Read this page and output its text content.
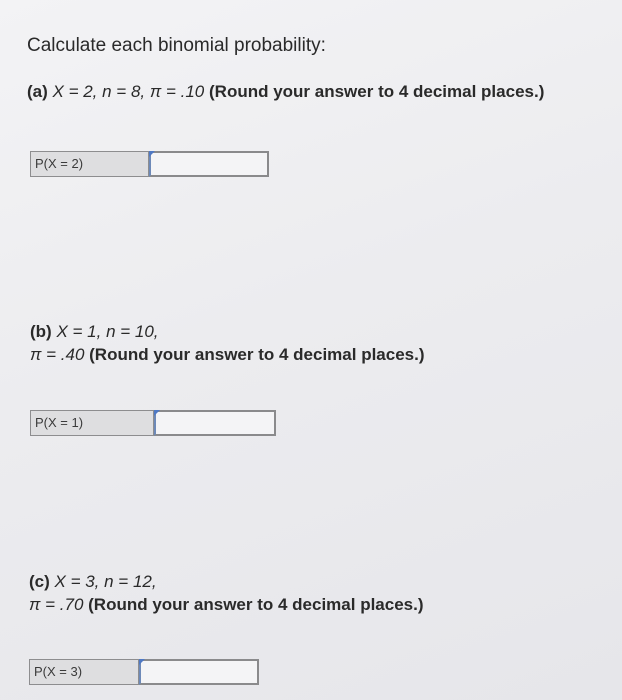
Calculate each binomial probability:
(a) X = 2, n = 8, π = .10 (Round your answer to 4 decimal places.)
P(X = 2)
(b) X = 1, n = 10,
π = .40 (Round your answer to 4 decimal places.)
P(X = 1)
(c) X = 3, n = 12,
π = .70 (Round your answer to 4 decimal places.)
P(X = 3)
